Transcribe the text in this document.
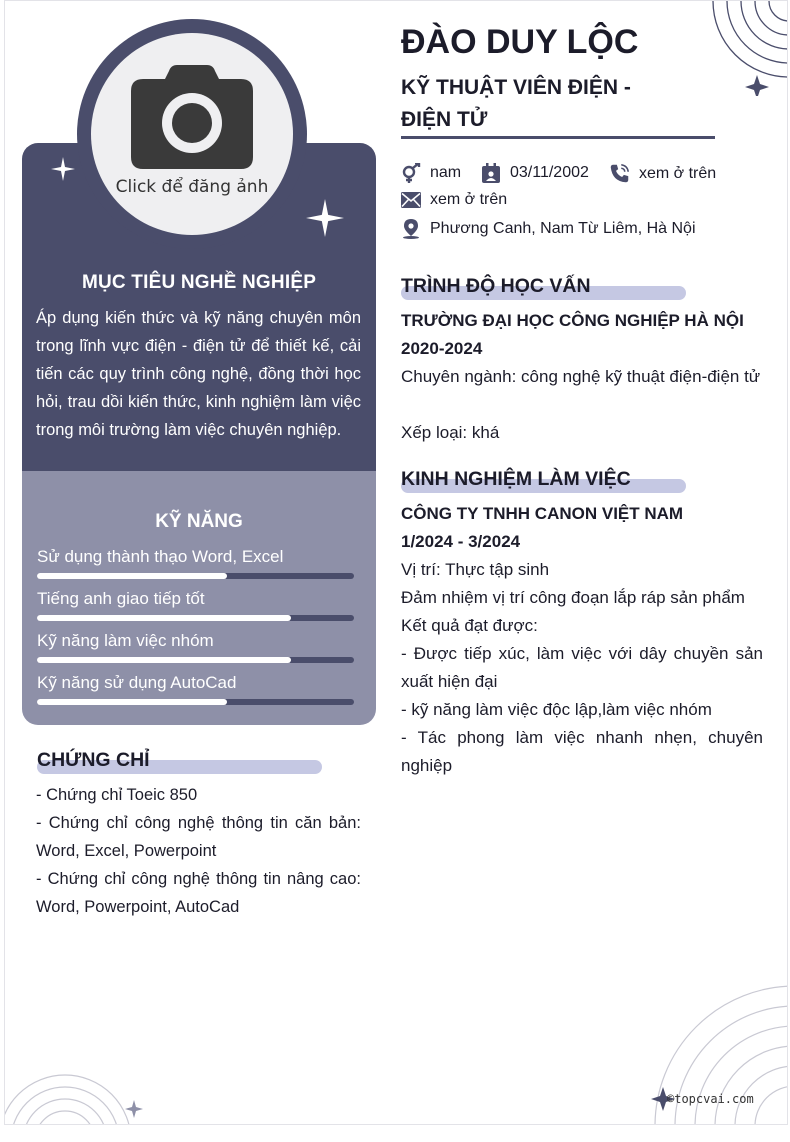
Click để đăng ảnh
MỤC TIÊU NGHỀ NGHIỆP
Áp dụng kiến thức và kỹ năng chuyên môn trong lĩnh vực điện - điện tử để thiết kế, cải tiến các quy trình công nghệ, đồng thời học hỏi, trau dồi kiến thức, kinh nghiệm làm việc trong môi trường làm việc chuyên nghiệp.
KỸ NĂNG
Sử dụng thành thạo Word, Excel
Tiếng anh giao tiếp tốt
Kỹ năng làm việc nhóm
Kỹ năng sử dụng AutoCad
CHỨNG CHỈ
- Chứng chỉ Toeic 850
- Chứng chỉ công nghệ thông tin căn bản: Word, Excel, Powerpoint
- Chứng chỉ công nghệ thông tin nâng cao: Word, Powerpoint, AutoCad
ĐÀO DUY LỘC
KỸ THUẬT VIÊN ĐIỆN -
ĐIỆN TỬ
nam	03/11/2002	xem ở trên
xem ở trên
Phương Canh, Nam Từ Liêm, Hà Nội
TRÌNH ĐỘ HỌC VẤN
TRƯỜNG ĐẠI HỌC CÔNG NGHIỆP HÀ NỘI
2020-2024
Chuyên ngành: công nghệ kỹ thuật điện-điện tử
Xếp loại: khá
KINH NGHIỆM LÀM VIỆC
CÔNG TY TNHH CANON VIỆT NAM
1/2024 - 3/2024
Vị trí: Thực tập sinh
Đảm nhiệm vị trí công đoạn lắp ráp sản phẩm
Kết quả đạt được:
- Được tiếp xúc, làm việc với dây chuyền sản xuất hiện đại
- kỹ năng làm việc độc lập,làm việc nhóm
- Tác phong làm việc nhanh nhẹn, chuyên nghiệp
©topcvai.com
